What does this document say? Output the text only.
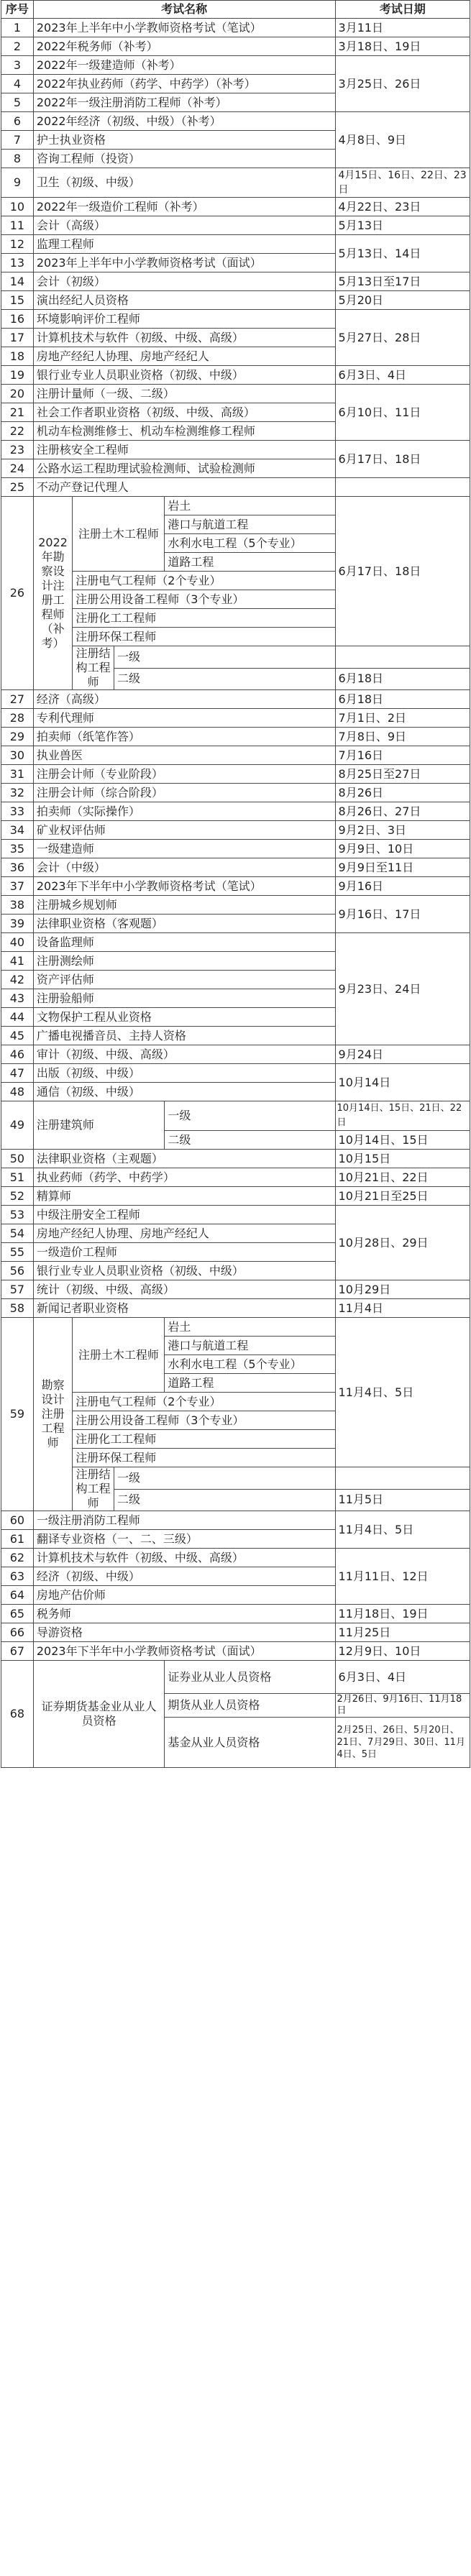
序号	考试名称				考试日期
1	2023年上半年中小学教师资格考试（笔试）				3月11日
2	2022年税务师（补考）				3月18日、19日
3	2022年一级建造师（补考）				3月25日、26日
4	2022年执业药师（药学、中药学）（补考）				
5	2022年一级注册消防工程师（补考）				
6	2022年经济（初级、中级）（补考）				4月8日、9日
7	护士执业资格				
8	咨询工程师（投资）				
9	卫生（初级、中级）				4月15日、16日、22日、23日
10	2022年一级造价工程师（补考）				4月22日、23日
11	会计（高级）				5月13日
12	监理工程师				5月13日、14日
13	2023年上半年中小学教师资格考试（面试）				
14	会计（初级）				5月13日至17日
15	演出经纪人员资格				5月20日
16	环境影响评价工程师				5月27日、28日
17	计算机技术与软件（初级、中级、高级）				
18	房地产经纪人协理、房地产经纪人				
19	银行业专业人员职业资格（初级、中级）				6月3日、4日
20	注册计量师（一级、二级）				6月10日、11日
21	社会工作者职业资格（初级、中级、高级）				
22	机动车检测维修士、机动车检测维修工程师				
23	注册核安全工程师				6月17日、18日
24	公路水运工程助理试验检测师、试验检测师				
25	不动产登记代理人				
26	2022年勘察设计注册工程师（补考）	注册土木工程师		岩土	6月17日、18日
				港口与航道工程	
				水利水电工程（5个专业）	
				道路工程	
		注册电气工程师（2个专业）			
		注册公用设备工程师（3个专业）			
		注册化工工程师			
		注册环保工程师			
		注册结构工程师	一级		
			二级		6月18日
27	经济（高级）				6月18日
28	专利代理师				7月1日、2日
29	拍卖师（纸笔作答）				7月8日、9日
30	执业兽医				7月16日
31	注册会计师（专业阶段）				8月25日至27日
32	注册会计师（综合阶段）				8月26日
33	拍卖师（实际操作）				8月26日、27日
34	矿业权评估师				9月2日、3日
35	一级建造师				9月9日、10日
36	会计（中级）				9月9日至11日
37	2023年下半年中小学教师资格考试（笔试）				9月16日
38	注册城乡规划师				9月16日、17日
39	法律职业资格（客观题）				
40	设备监理师				9月23日、24日
41	注册测绘师				
42	资产评估师				
43	注册验船师				
44	文物保护工程从业资格				
45	广播电视播音员、主持人资格				
46	审计（初级、中级、高级）				9月24日
47	出版（初级、中级）				10月14日
48	通信（初级、中级）				
49	注册建筑师			一级	10月14日、15日、21日、22日
				二级	10月14日、15日
50	法律职业资格（主观题）				10月15日
51	执业药师（药学、中药学）				10月21日、22日
52	精算师				10月21日至25日
53	中级注册安全工程师				10月28日、29日
54	房地产经纪人协理、房地产经纪人				
55	一级造价工程师				
56	银行业专业人员职业资格（初级、中级）				
57	统计（初级、中级、高级）				10月29日
58	新闻记者职业资格				11月4日
59	勘察设计注册工程师	注册土木工程师		岩土	11月4日、5日
				港口与航道工程	
				水利水电工程（5个专业）	
				道路工程	
		注册电气工程师（2个专业）			
		注册公用设备工程师（3个专业）			
		注册化工工程师			
		注册环保工程师			
		注册结构工程师	一级		
			二级		11月5日
60	一级注册消防工程师				11月4日、5日
61	翻译专业资格（一、二、三级）				
62	计算机技术与软件（初级、中级、高级）				11月11日、12日
63	经济（初级、中级）				
64	房地产估价师				
65	税务师				11月18日、19日
66	导游资格				11月25日
67	2023年下半年中小学教师资格考试（面试）				12月9日、10日
68	证券期货基金业从业人员资格			证券业从业人员资格	6月3日、4日

				期货从业人员资格	2月26日、9月16日、11月18日
				基金从业人员资格	2月25日、26日、5月20日、21日、7月29日、30日、11月4日、5日
